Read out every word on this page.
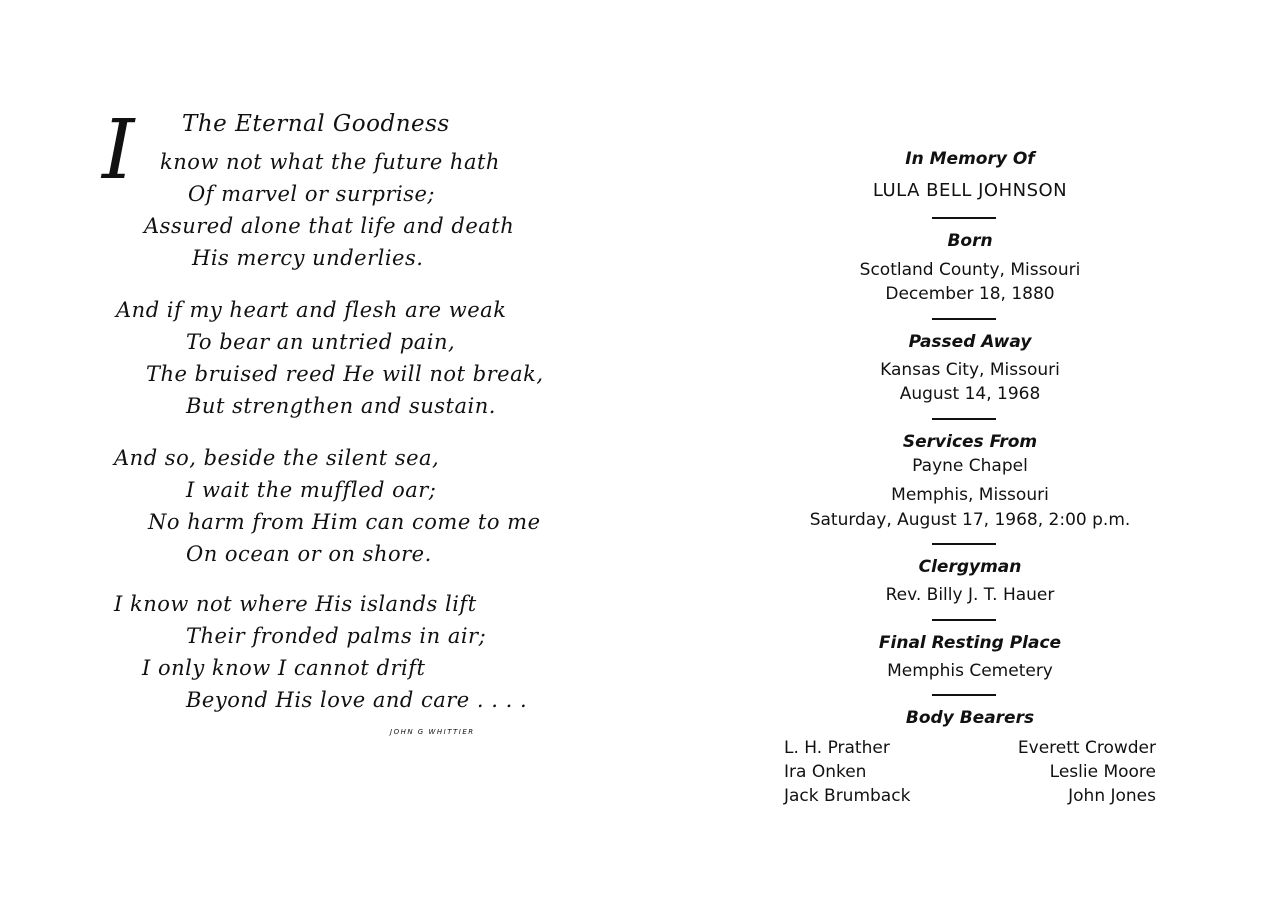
I The Eternal Goodness
know not what the future hath
Of marvel or surprise;
Assured alone that life and death
His mercy underlies.
And if my heart and flesh are weak
To bear an untried pain,
The bruised reed He will not break,
But strengthen and sustain.
And so, beside the silent sea,
I wait the muffled oar;
No harm from Him can come to me
On ocean or on shore.
I know not where His islands lift
Their fronded palms in air;
I only know I cannot drift
Beyond His love and care . . . .
JOHN G WHITTIER
In Memory Of
LULA BELL JOHNSON
Born
Scotland County, Missouri
December 18, 1880
Passed Away
Kansas City, Missouri
August 14, 1968
Services From
Payne Chapel
Memphis, Missouri
Saturday, August 17, 1968, 2:00 p.m.
Clergyman
Rev. Billy J. T. Hauer
Final Resting Place
Memphis Cemetery
Body Bearers
L. H. Prather
Ira Onken
Jack Brumback
Everett Crowder
Leslie Moore
John Jones
